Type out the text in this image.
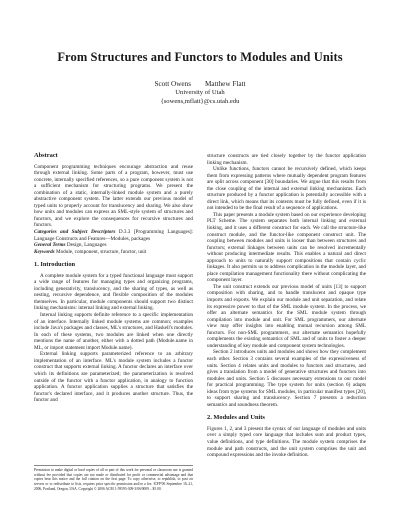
From Structures and Functors to Modules and Units
Scott Owens Matthew Flatt
University of Utah
{sowens,mflatt}@cs.utah.edu
Abstract

Component programming techniques encourage abstraction and reuse through external linking. Some parts of a program, however, must use concrete, internally specified references, so a pure component system is not a sufficient mechanism for structuring programs. We present the combination of a static, internally-linked module system and a purely abstractive component system. The latter extends our previous model of typed units to properly account for translucency and sharing. We also show how units and modules can express an SML-style system of structures and functors, and we explore the consequences for recursive structures and functors.

Categories and Subject Descriptors D.3.3 [Programming Languages]: Language Constructs and Features—Modules, packages

General Terms Design, Languages

Keywords Module, component, structure, functor, unit

1. Introduction

A complete module system for a typed functional language must support a wide range of features for managing types and organizing programs, including generativity, translucency, and the sharing of types, as well as nesting, recursive dependence, and flexible composition of the modules themselves. In particular, module components should support two distinct linking mechanisms: internal linking and external linking.

Internal linking supports definite reference to a specific implementation of an interface. Internally linked module systems are common; examples include Java's packages and classes, ML's structures, and Haskell's modules. In each of these systems, two modules are linked when one directly mentions the name of another, either with a dotted path (Module.name in ML, or import statement import Module.name).

External linking supports parameterized reference to an arbitrary implementation of an interface. ML's module system includes a functor construct that supports external linking. A functor declares an interface over which its definitions are parameterized; the parameterization is resolved outside of the functor with a functor application, in analogy to function application. A functor application supplies a structure that satisfies the functor's declared interface, and it produces another structure. Thus, the functor and

Permission to make digital or hard copies of all or part of this work for personal or classroom use is granted without fee provided that copies are not made or distributed for profit or commercial advantage and that copies bear this notice and the full citation on the first page. To copy otherwise, to republish, to post on servers or to redistribute to lists, requires prior specific permission and/or a fee. ICFP'06 September 16–21, 2006, Portland, Oregon, USA. Copyright © 2006 ACM 1-59593-309-3/06/0009... $5.00.

structure constructs are tied closely together by the functor application linking mechanism.

Unlike functions, functors cannot be recursively defined, which keeps them from expressing patterns where mutually dependent program features are split across component [30] boundaries. We argue that this results from the close coupling of the internal and external linking mechanisms. Each structure produced by a functor application is potentially accessible with a direct link, which means that its contents must be fully defined, even if it is not intended to be the final result of a sequence of applications.

This paper presents a module system based on our experience developing PLT Scheme. The system separates both internal linking and external linking, and it uses a different construct for each. We call the structure-like construct module, and the functor-like component construct unit. The coupling between modules and units is looser than between structures and functors; external linkages between units can be resolved incrementally without producing intermediate results. This enables a natural and direct approach to units to naturally support compositions that contain cyclic linkages. It also permits us to address complication in the module layer, and place compilation management functionality there without complicating the component layer.

The unit construct extends our previous model of units [13] to support composition with sharing, and to handle translucent and opaque type imports and exports. We explain our module and unit separation, and relate its expressive power to that of the SML module system. In the process, we offer an alternate semantics for the SML module system through compilation into module and unit. For SML programmers, our alternate view may offer insights into enabling mutual recursion among SML functors. For non-SML programmers, our alternate semantics hopefully complements the existing semantics of SML and of units to foster a deeper understanding of key module and component system technologies.

Section 2 introduces units and modules and shows how they complement each other. Section 3 contains several examples of the expressiveness of units. Section 4 relates units and modules to functors and structures, and gives a translation from a model of generative structures and functors into modules and units. Section 5 discusses necessary extensions to our model for practical programming. The type system for units (section 6) adapts ideas from type systems for SML modules, in particular manifest types [20], to support sharing and translucency. Section 7 presents a reduction semantics and soundness theorem.

2. Modules and Units

Figures 1, 2, and 3 present the syntax of our language of modules and units over a simply typed core language that includes sum and product types, value definitions, and type definitions. The module system comprises the module and path constructs, and the unit system comprises the unit and compound expressions and the invoke definition.
